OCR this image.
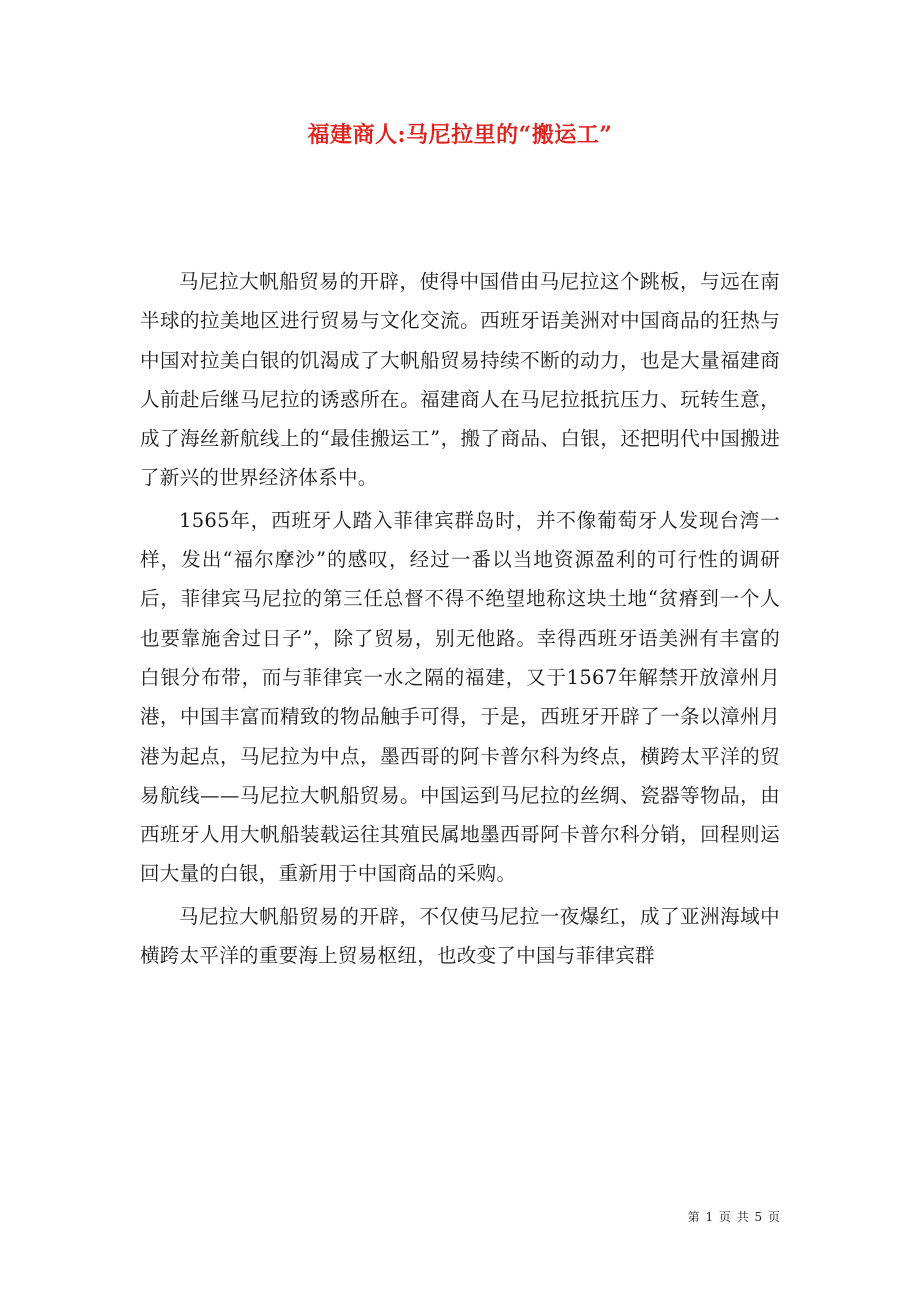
福建商人:马尼拉里的“搬运工”

马尼拉大帆船贸易的开辟，使得中国借由马尼拉这个跳板，与远在南半球的拉美地区进行贸易与文化交流。西班牙语美洲对中国商品的狂热与中国对拉美白银的饥渴成了大帆船贸易持续不断的动力，也是大量福建商人前赴后继马尼拉的诱惑所在。福建商人在马尼拉抵抗压力、玩转生意，成了海丝新航线上的“最佳搬运工”，搬了商品、白银，还把明代中国搬进了新兴的世界经济体系中。

1565年，西班牙人踏入菲律宾群岛时，并不像葡萄牙人发现台湾一样，发出“福尔摩沙”的感叹，经过一番以当地资源盈利的可行性的调研后，菲律宾马尼拉的第三任总督不得不绝望地称这块土地“贫瘠到一个人也要靠施舍过日子”，除了贸易，别无他路。幸得西班牙语美洲有丰富的白银分布带，而与菲律宾一水之隔的福建，又于1567年解禁开放漳州月港，中国丰富而精致的物品触手可得，于是，西班牙开辟了一条以漳州月港为起点，马尼拉为中点，墨西哥的阿卡普尔科为终点，横跨太平洋的贸易航线——马尼拉大帆船贸易。中国运到马尼拉的丝绸、瓷器等物品，由西班牙人用大帆船装载运往其殖民属地墨西哥阿卡普尔科分销，回程则运回大量的白银，重新用于中国商品的采购。

马尼拉大帆船贸易的开辟，不仅使马尼拉一夜爆红，成了亚洲海域中横跨太平洋的重要海上贸易枢纽，也改变了中国与菲律宾群

第 1 页 共 5 页
